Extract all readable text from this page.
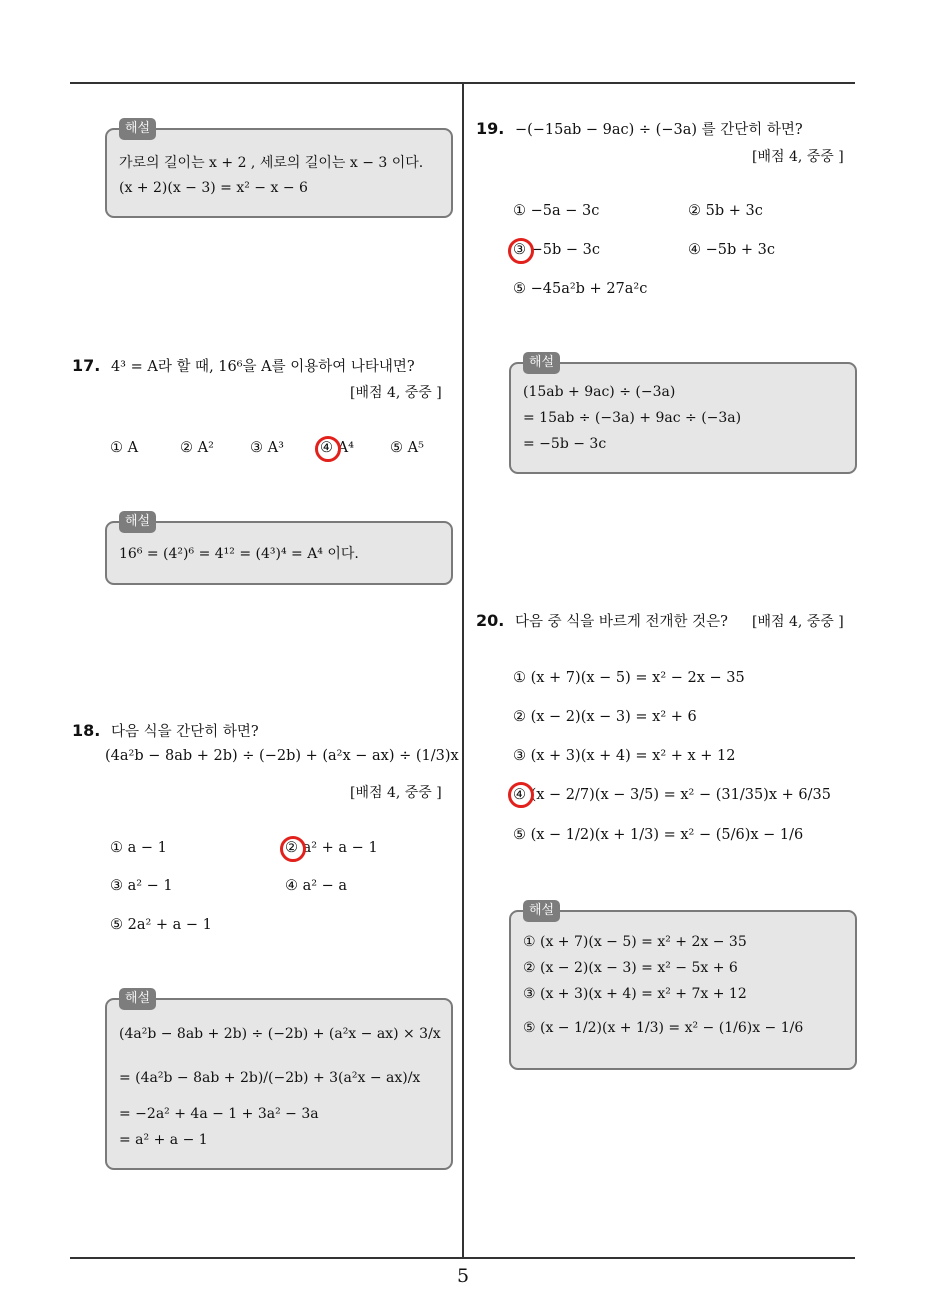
해설
가로의 길이는 x + 2 , 세로의 길이는 x − 3 이다.
(x + 2)(x − 3) = x² − x − 6
17. 4³ = A라 할 때, 16⁶을 A를 이용하여 나타내면?
[배점 4, 중중 ]
① A	② A² ③ A³ ④ A⁴ ⑤ A⁵
해설
16⁶ = (4²)⁶ = 4¹² = (4³)⁴ = A⁴ 이다.
18. 다음 식을 간단히 하면?
(4a²b − 8ab + 2b) ÷ (−2b) + (a²x − ax) ÷ (1/3)x
[배점 4, 중중 ]
① a − 1	② a² + a − 1
③ a² − 1	④ a² − a
⑤ 2a² + a − 1
해설
(4a²b − 8ab + 2b) ÷ (−2b) + (a²x − ax) × 3/x
= (4a²b − 8ab + 2b)/(−2b) + 3(a²x − ax)/x
= −2a² + 4a − 1 + 3a² − 3a
= a² + a − 1
19. −(−15ab − 9ac) ÷ (−3a) 를 간단히 하면?
[배점 4, 중중 ]
① −5a − 3c	② 5b + 3c
③ −5b − 3c	④ −5b + 3c
⑤ −45a²b + 27a²c
해설
(15ab + 9ac) ÷ (−3a)
= 15ab ÷ (−3a) + 9ac ÷ (−3a)
= −5b − 3c
20. 다음 중 식을 바르게 전개한 것은? [배점 4, 중중 ]
① (x + 7)(x − 5) = x² − 2x − 35
② (x − 2)(x − 3) = x² + 6
③ (x + 3)(x + 4) = x² + x + 12
④ (x − 2/7)(x − 3/5) = x² − (31/35)x + 6/35
⑤ (x − 1/2)(x + 1/3) = x² − (5/6)x − 1/6
해설
① (x + 7)(x − 5) = x² + 2x − 35
② (x − 2)(x − 3) = x² − 5x + 6
③ (x + 3)(x + 4) = x² + 7x + 12
⑤ (x − 1/2)(x + 1/3) = x² − (1/6)x − 1/6
5
